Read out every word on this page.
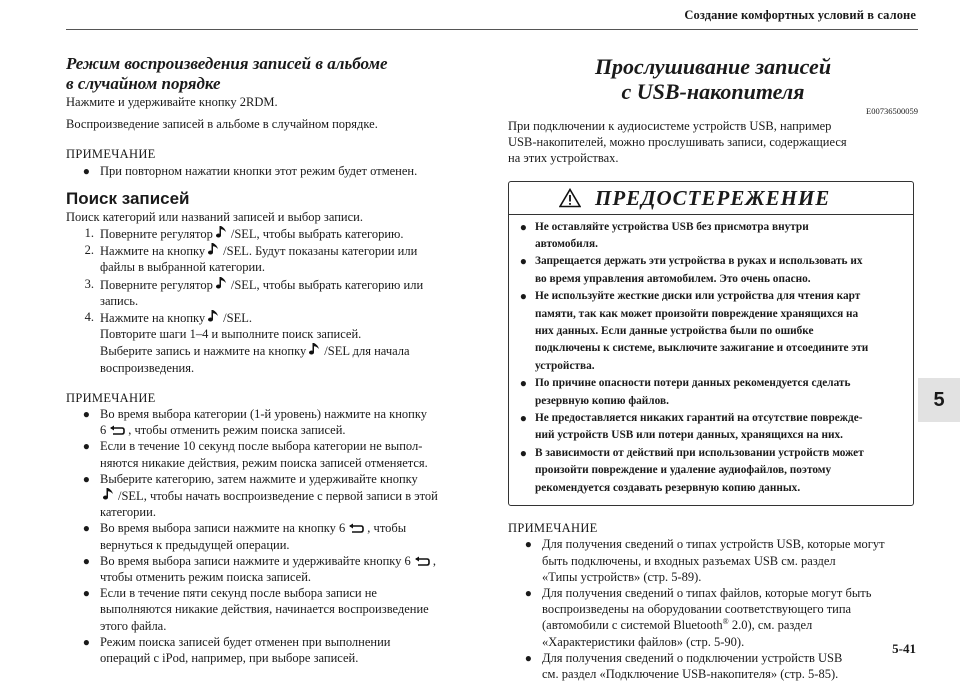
Создание комфортных условий в салоне
5
5-41
Режим воспроизведения записей в альбоме
в случайном порядке

Нажмите и удерживайте кнопку 2RDM.

Воспроизведение записей в альбоме в случайном порядке.

ПРИМЕЧАНИЕ
● При повторном нажатии кнопки этот режим будет отменен.
Поиск записей

Поиск категорий или названий записей и выбор записи.

1. Поверните регулятор /SEL, чтобы выбрать категорию.
2. Нажмите на кнопку /SEL. Будут показаны категории или
файлы в выбранной категории.
3. Поверните регулятор /SEL, чтобы выбрать категорию или
запись.
4. Нажмите на кнопку /SEL.
Повторите шаги 1–4 и выполните поиск записей.
Выберите запись и нажмите на кнопку /SEL для начала
воспроизведения.
ПРИМЕЧАНИЕ
● Во время выбора категории (1-й уровень) нажмите на кнопку
6 , чтобы отменить режим поиска записей.
● Если в течение 10 секунд после выбора категории не выпол-
няются никакие действия, режим поиска записей отменяется.
● Выберите категорию, затем нажмите и удерживайте кнопку
/SEL, чтобы начать воспроизведение с первой записи в этой
категории.
● Во время выбора записи нажмите на кнопку 6 , чтобы
вернуться к предыдущей операции.
● Во время выбора записи нажмите и удерживайте кнопку 6 ,
чтобы отменить режим поиска записей.
● Если в течение пяти секунд после выбора записи не
выполняются никакие действия, начинается воспроизведение
этого файла.
● Режим поиска записей будет отменен при выполнении
операций с iPod, например, при выборе записей.
Прослушивание записей
с USB-накопителя
E00736500059

При подключении к аудиосистеме устройств USB, например
USB-накопителей, можно прослушивать записи, содержащиеся
на этих устройствах.

ПРЕДОСТЕРЕЖЕНИЕ
● Не оставляйте устройства USB без присмотра внутри
автомобиля.
● Запрещается держать эти устройства в руках и использовать их
во время управления автомобилем. Это очень опасно.
● Не используйте жесткие диски или устройства для чтения карт
памяти, так как может произойти повреждение хранящихся на
них данных. Если данные устройства были по ошибке
подключены к системе, выключите зажигание и отсоедините эти
устройства.
● По причине опасности потери данных рекомендуется сделать
резервную копию файлов.
● Не предоставляется никаких гарантий на отсутствие повреждe-
ний устройств USB или потери данных, хранящихся на них.
● В зависимости от действий при использовании устройств может
произойти повреждение и удаление аудиофайлов, поэтому
рекомендуется создавать резервную копию данных.
ПРИМЕЧАНИЕ
● Для получения сведений о типах устройств USB, которые могут
быть подключены, и входных разъемах USB см. раздел
«Типы устройств» (стр. 5-89).
● Для получения сведений о типах файлов, которые могут быть
воспроизведены на оборудовании соответствующего типа
(автомобили с системой Bluetooth® 2.0), см. раздел
«Характеристики файлов» (стр. 5-90).
● Для получения сведений о подключении устройств USB
см. раздел «Подключение USB-накопителя» (стр. 5-85).
